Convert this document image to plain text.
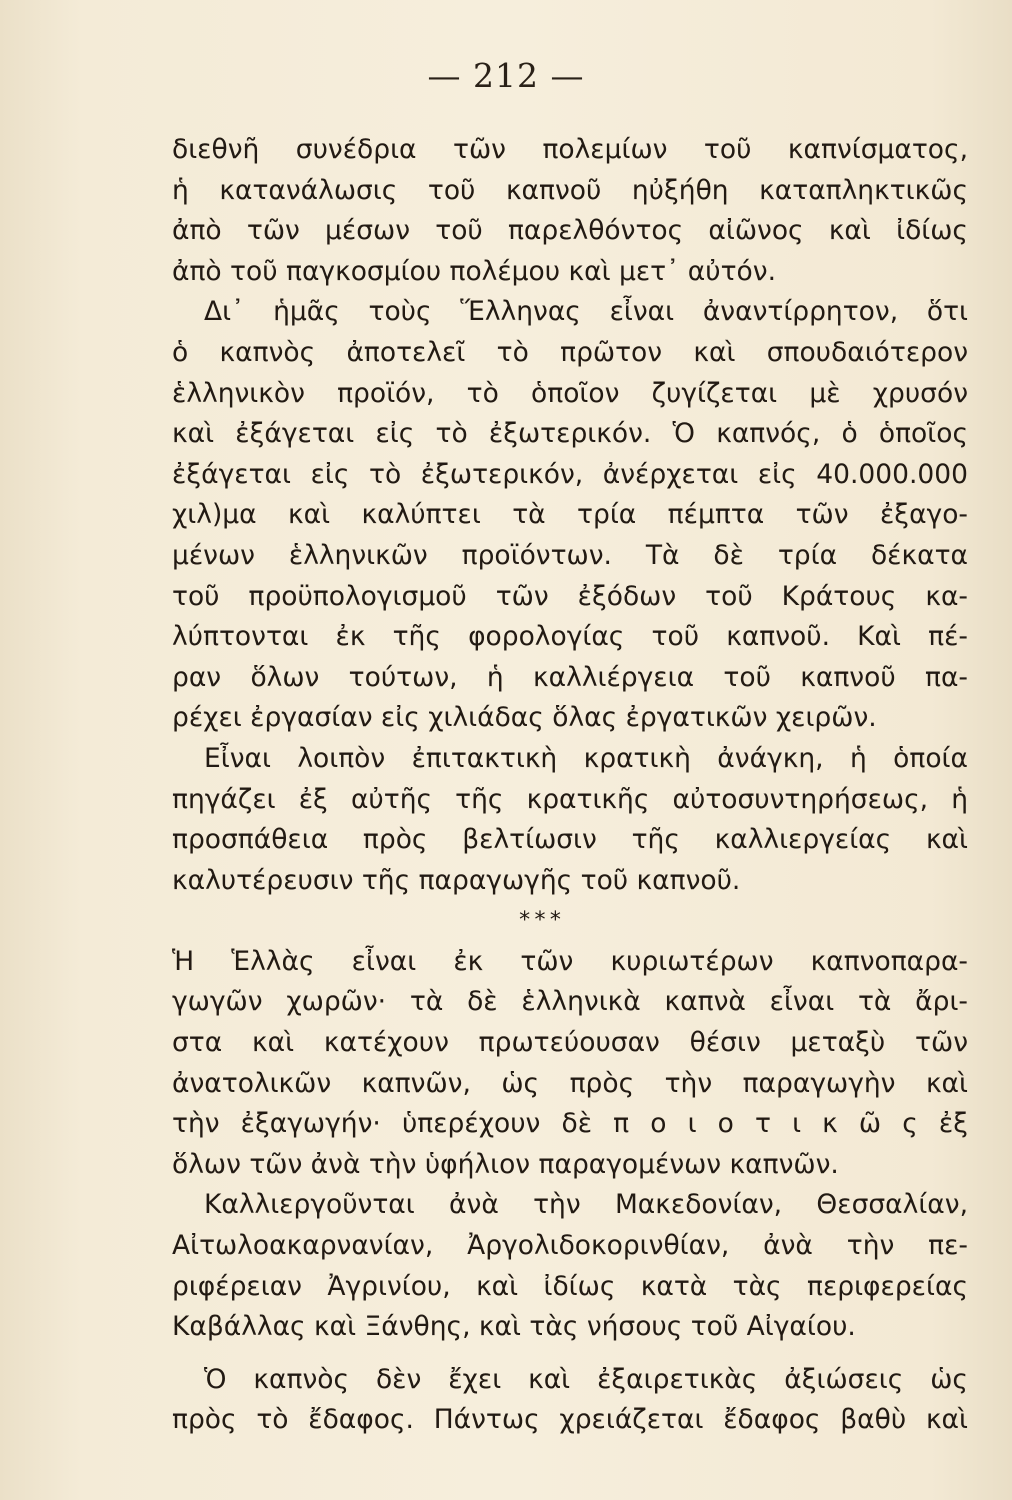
— 212 —
διεθνῆ συνέδρια τῶν πολεμίων τοῦ καπνίσματος,
ἡ κατανάλωσις τοῦ καπνοῦ ηὐξήθη καταπληκτικῶς
ἀπὸ τῶν μέσων τοῦ παρελθόντος αἰῶνος καὶ ἰδίως
ἀπὸ τοῦ παγκοσμίου πολέμου καὶ μετ᾽ αὐτόν.
Δι᾽ ἡμᾶς τοὺς Ἕλληνας εἶναι ἀναντίρρητον, ὅτι
ὁ καπνὸς ἀποτελεῖ τὸ πρῶτον καὶ σπουδαιότερον
ἑλληνικὸν προϊόν, τὸ ὁποῖον ζυγίζεται μὲ χρυσόν
καὶ ἐξάγεται εἰς τὸ ἐξωτερικόν. Ὁ καπνός, ὁ ὁποῖος
ἐξάγεται εἰς τὸ ἐξωτερικόν, ἀνέρχεται εἰς 40.000.000
χιλ)μα καὶ καλύπτει τὰ τρία πέμπτα τῶν ἐξαγο-
μένων ἑλληνικῶν προϊόντων. Τὰ δὲ τρία δέκατα
τοῦ προϋπολογισμοῦ τῶν ἐξόδων τοῦ Κράτους κα-
λύπτονται ἐκ τῆς φορολογίας τοῦ καπνοῦ. Καὶ πέ-
ραν ὅλων τούτων, ἡ καλλιέργεια τοῦ καπνοῦ πα-
ρέχει ἐργασίαν εἰς χιλιάδας ὅλας ἐργατικῶν χειρῶν.
Εἶναι λοιπὸν ἐπιτακτικὴ κρατικὴ ἀνάγκη, ἡ ὁποία
πηγάζει ἐξ αὐτῆς τῆς κρατικῆς αὐτοσυντηρήσεως, ἡ
προσπάθεια πρὸς βελτίωσιν τῆς καλλιεργείας καὶ
καλυτέρευσιν τῆς παραγωγῆς τοῦ καπνοῦ.
* * *
Ἡ Ἑλλὰς εἶναι ἐκ τῶν κυριωτέρων καπνοπαρα-
γωγῶν χωρῶν· τὰ δὲ ἑλληνικὰ καπνὰ εἶναι τὰ ἄρι-
στα καὶ κατέχουν πρωτεύουσαν θέσιν μεταξὺ τῶν
ἀνατολικῶν καπνῶν, ὡς πρὸς τὴν παραγωγὴν καὶ
τὴν ἐξαγωγήν· ὑπερέχουν δὲ π ο ι ο τ ι κ ῶ ς ἐξ
ὅλων τῶν ἀνὰ τὴν ὑφήλιον παραγομένων καπνῶν.
Καλλιεργοῦνται ἀνὰ τὴν Μακεδονίαν, Θεσσαλίαν,
Αἰτωλοακαρνανίαν, Ἀργολιδοκορινθίαν, ἀνὰ τὴν πε-
ριφέρειαν Ἀγρινίου, καὶ ἰδίως κατὰ τὰς περιφερείας
Καβάλλας καὶ Ξάνθης, καὶ τὰς νήσους τοῦ Αἰγαίου.
Ὁ καπνὸς δὲν ἔχει καὶ ἐξαιρετικὰς ἀξιώσεις ὡς
πρὸς τὸ ἔδαφος. Πάντως χρειάζεται ἔδαφος βαθὺ καὶ
